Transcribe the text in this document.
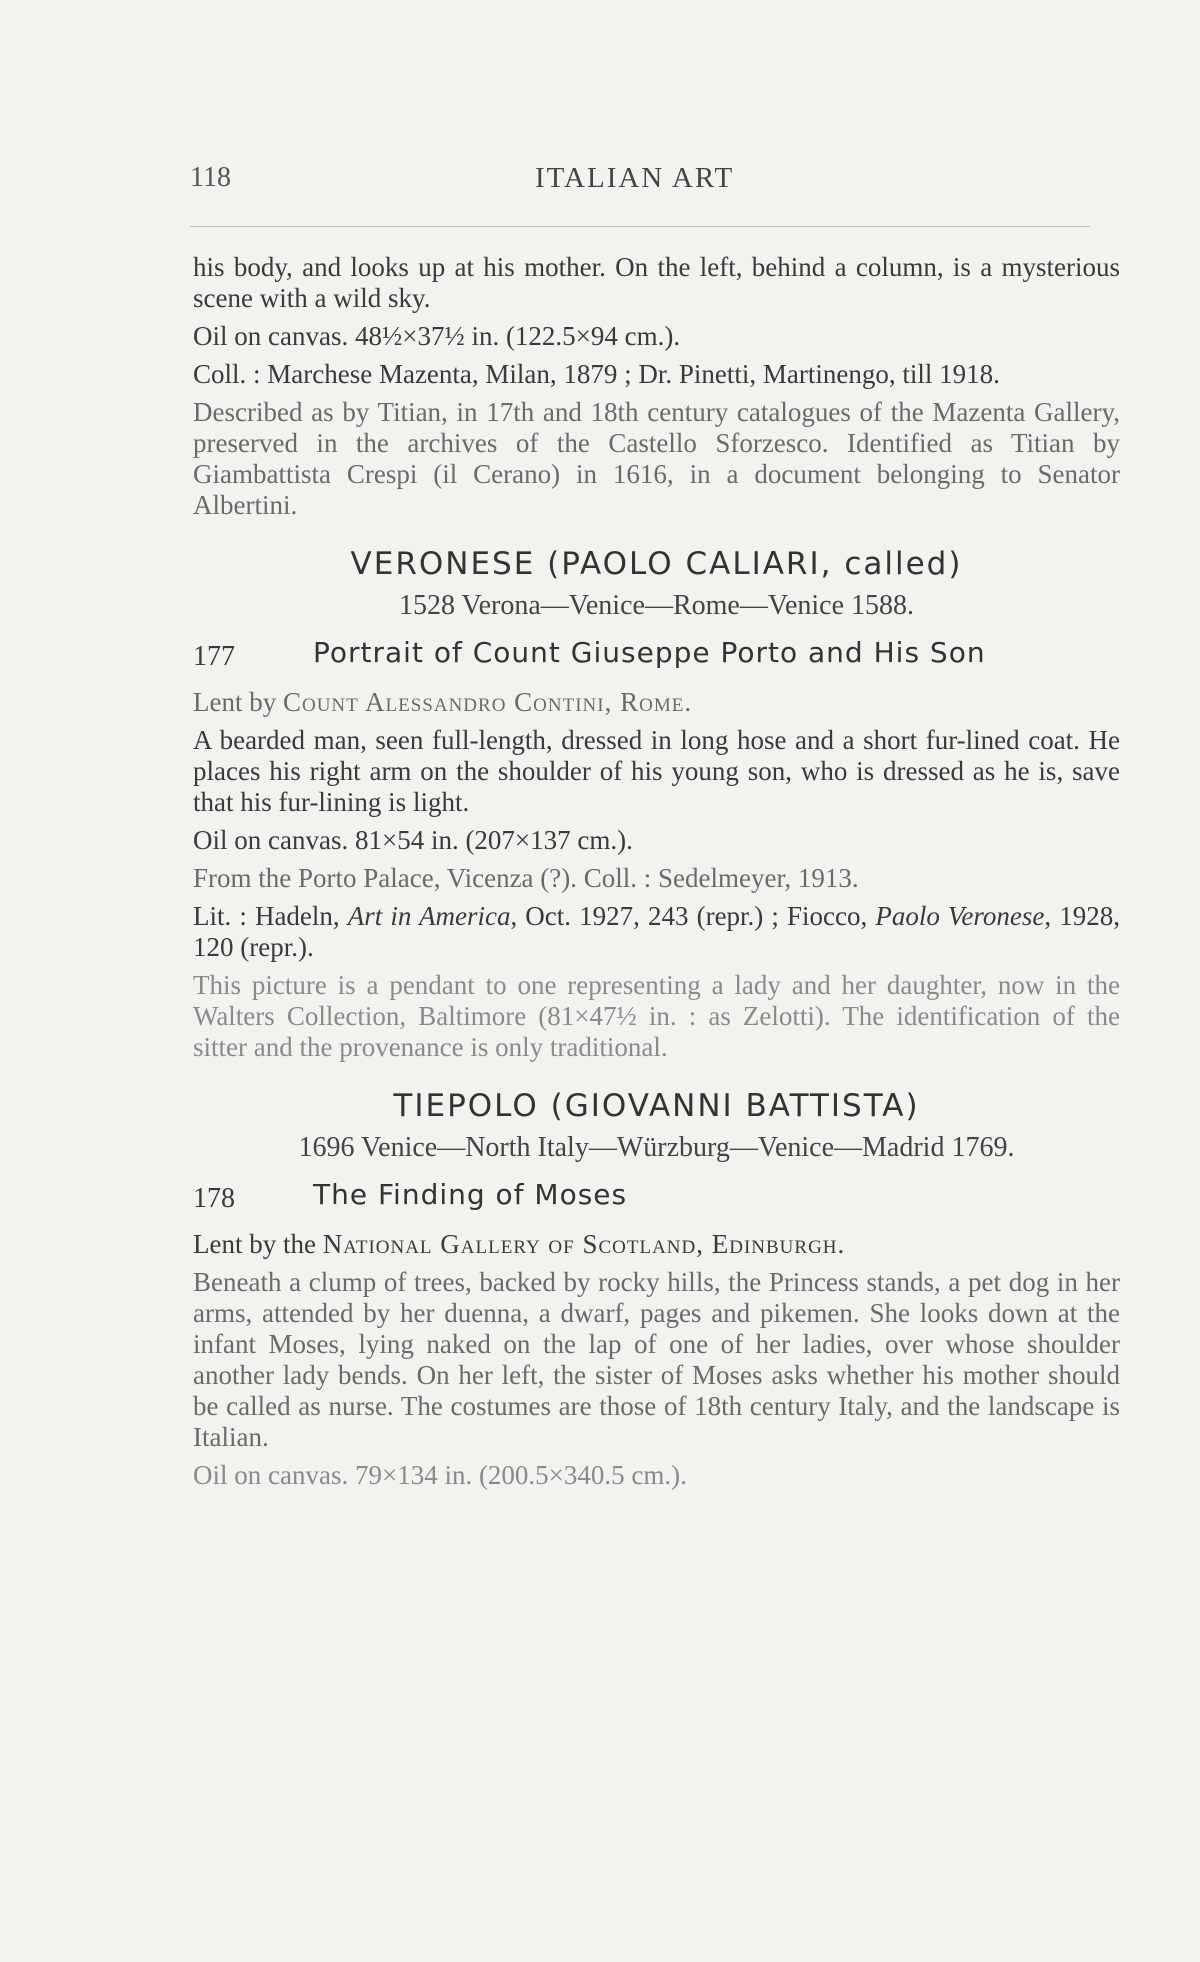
118	ITALIAN ART

his body, and looks up at his mother. On the left, behind a column, is a mysterious scene with a wild sky.

Oil on canvas. 48½×37½ in. (122.5×94 cm.).

Coll. : Marchese Mazenta, Milan, 1879 ; Dr. Pinetti, Martinengo, till 1918.

Described as by Titian, in 17th and 18th century catalogues of the Mazenta Gallery, preserved in the archives of the Castello Sforzesco. Identified as Titian by Giambattista Crespi (il Cerano) in 1616, in a document belonging to Senator Albertini.

VERONESE (PAOLO CALIARI, called)
1528 Verona—Venice—Rome—Venice 1588.
177	Portrait of Count Giuseppe Porto and His Son

Lent by Count Alessandro Contini, Rome.

A bearded man, seen full-length, dressed in long hose and a short fur-lined coat. He places his right arm on the shoulder of his young son, who is dressed as he is, save that his fur-lining is light.

Oil on canvas. 81×54 in. (207×137 cm.).

From the Porto Palace, Vicenza (?). Coll. : Sedelmeyer, 1913.

Lit. : Hadeln, Art in America, Oct. 1927, 243 (repr.) ; Fiocco, Paolo Veronese, 1928, 120 (repr.).

This picture is a pendant to one representing a lady and her daughter, now in the Walters Collection, Baltimore (81×47½ in. : as Zelotti). The identification of the sitter and the provenance is only traditional.

TIEPOLO (GIOVANNI BATTISTA)
1696 Venice—North Italy—Würzburg—Venice—Madrid 1769.
178	The Finding of Moses

Lent by the National Gallery of Scotland, Edinburgh.

Beneath a clump of trees, backed by rocky hills, the Princess stands, a pet dog in her arms, attended by her duenna, a dwarf, pages and pikemen. She looks down at the infant Moses, lying naked on the lap of one of her ladies, over whose shoulder another lady bends. On her left, the sister of Moses asks whether his mother should be called as nurse. The costumes are those of 18th century Italy, and the landscape is Italian.

Oil on canvas. 79×134 in. (200.5×340.5 cm.).
